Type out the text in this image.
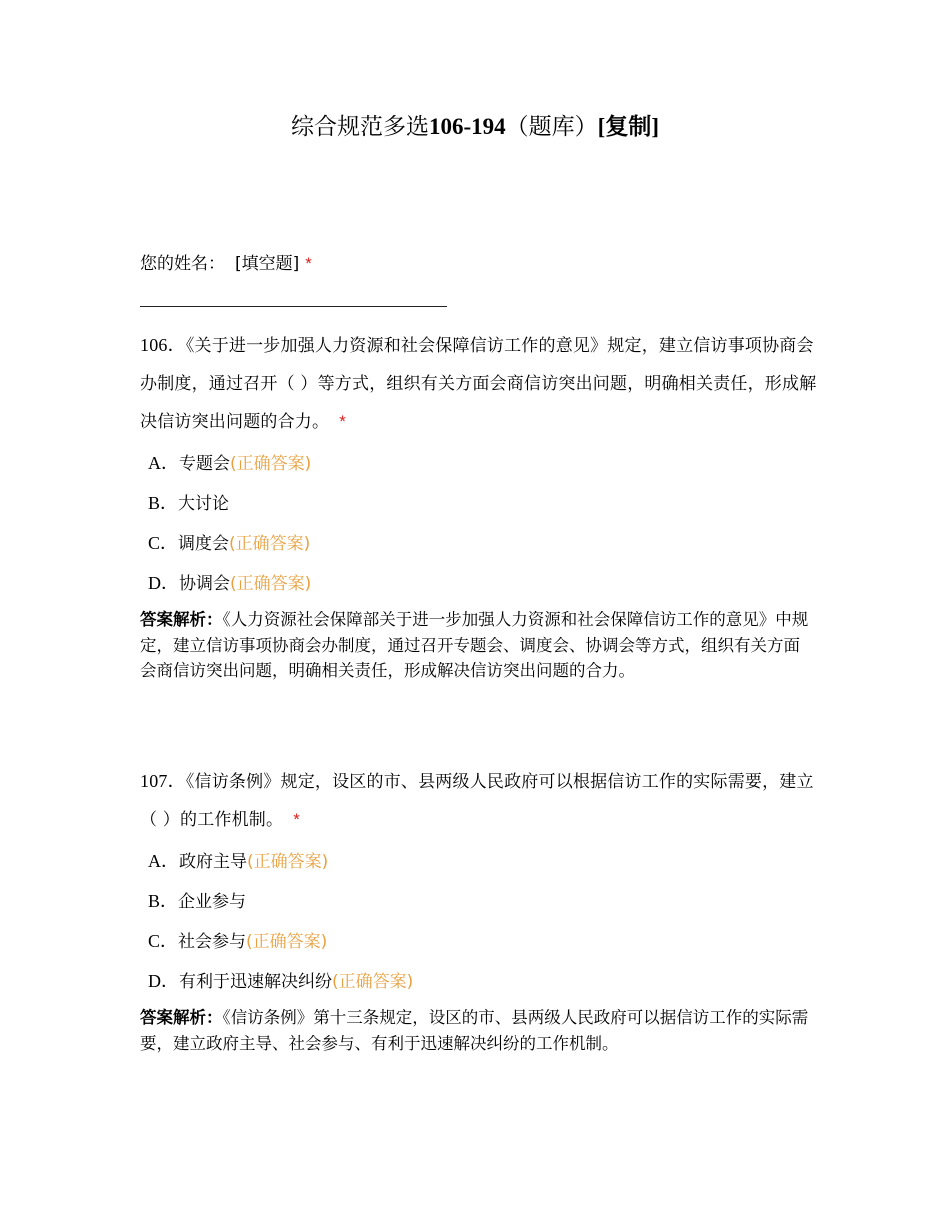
综合规范多选106-194（题库）[复制]
您的姓名： [填空题] *
106．《关于进一步加强人力资源和社会保障信访工作的意见》规定，建立信访事项协商会办制度，通过召开（ ）等方式，组织有关方面会商信访突出问题，明确相关责任，形成解决信访突出问题的合力。 *
A．专题会(正确答案)
B．大讨论
C．调度会(正确答案)
D．协调会(正确答案)
答案解析：《人力资源社会保障部关于进一步加强人力资源和社会保障信访工作的意见》中规定，建立信访事项协商会办制度，通过召开专题会、调度会、协调会等方式，组织有关方面会商信访突出问题，明确相关责任，形成解决信访突出问题的合力。
107．《信访条例》规定，设区的市、县两级人民政府可以根据信访工作的实际需要，建立（ ）的工作机制。 *
A．政府主导(正确答案)
B．企业参与
C．社会参与(正确答案)
D．有利于迅速解决纠纷(正确答案)
答案解析：《信访条例》第十三条规定，设区的市、县两级人民政府可以据信访工作的实际需要，建立政府主导、社会参与、有利于迅速解决纠纷的工作机制。
